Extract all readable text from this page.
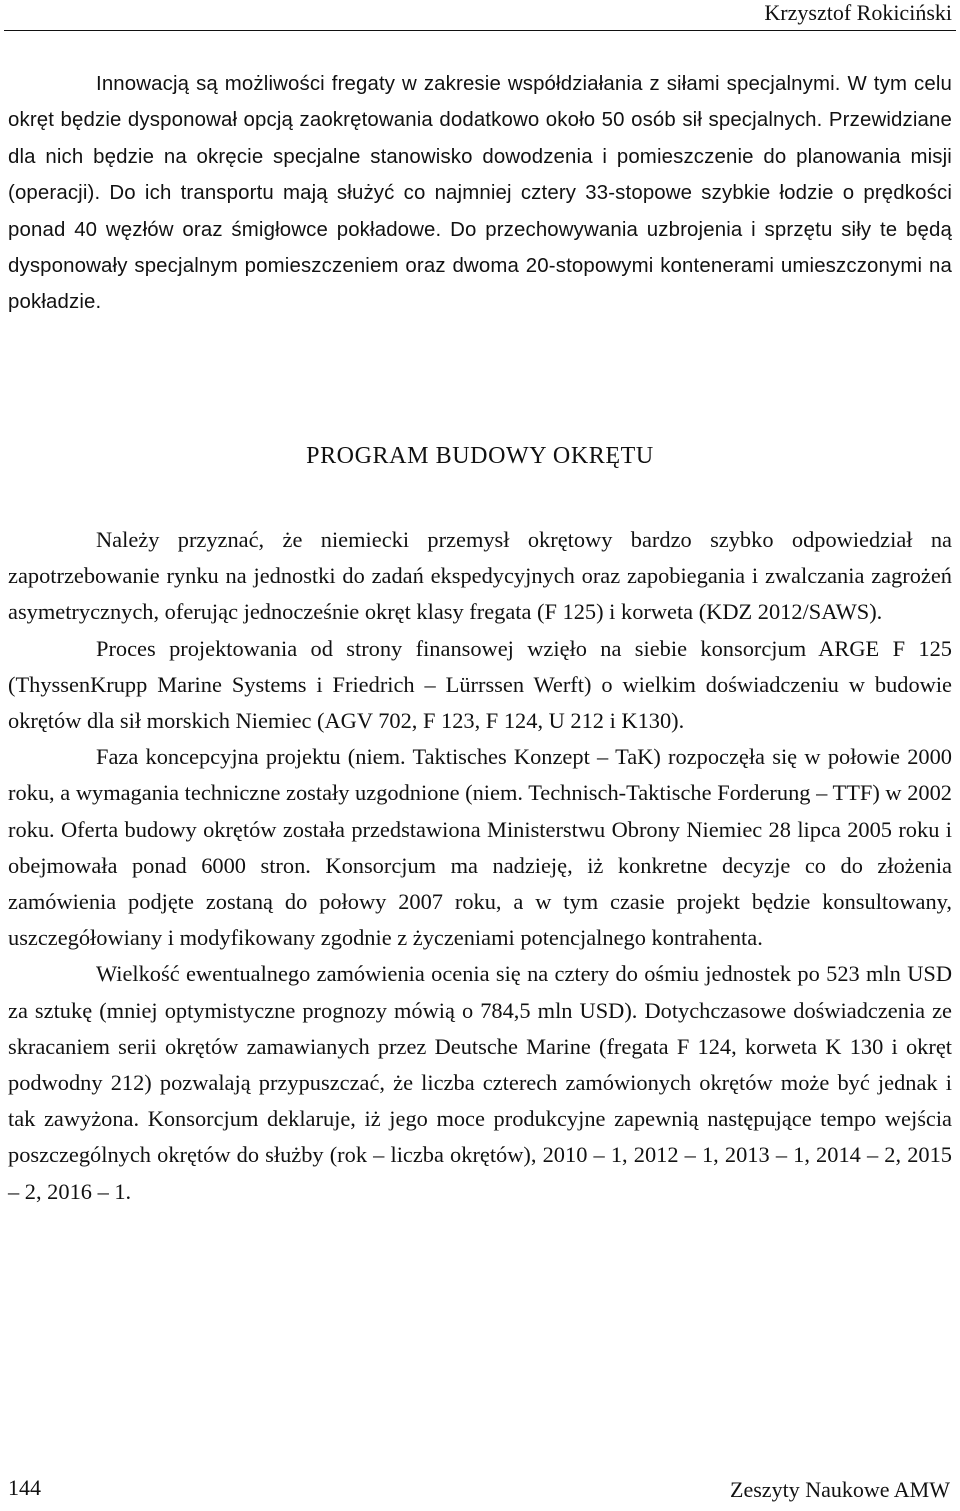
Krzysztof Rokiciński

Innowacją są możliwości fregaty w zakresie współdziałania z siłami specjalnymi. W tym celu okręt będzie dysponował opcją zaokrętowania dodatkowo około 50 osób sił specjalnych. Przewidziane dla nich będzie na okręcie specjalne stanowisko dowodzenia i pomieszczenie do planowania misji (operacji). Do ich transportu mają służyć co najmniej cztery 33-stopowe szybkie łodzie o prędkości ponad 40 węzłów oraz śmigłowce pokładowe. Do przechowywania uzbrojenia i sprzętu siły te będą dysponowały specjalnym pomieszczeniem oraz dwoma 20-stopowymi kontenerami umieszczonymi na pokładzie.

PROGRAM BUDOWY OKRĘTU

Należy przyznać, że niemiecki przemysł okrętowy bardzo szybko odpowiedział na zapotrzebowanie rynku na jednostki do zadań ekspedycyjnych oraz zapobiegania i zwalczania zagrożeń asymetrycznych, oferując jednocześnie okręt klasy fregata (F 125) i korweta (KDZ 2012/SAWS).

Proces projektowania od strony finansowej wzięło na siebie konsorcjum ARGE F 125 (ThyssenKrupp Marine Systems i Friedrich – Lürrssen Werft) o wielkim doświadczeniu w budowie okrętów dla sił morskich Niemiec (AGV 702, F 123, F 124, U 212 i K130).

Faza koncepcyjna projektu (niem. Taktisches Konzept – TaK) rozpoczęła się w połowie 2000 roku, a wymagania techniczne zostały uzgodnione (niem. Technisch-Taktische Forderung – TTF) w 2002 roku. Oferta budowy okrętów została przedstawiona Ministerstwu Obrony Niemiec 28 lipca 2005 roku i obejmowała ponad 6000 stron. Konsorcjum ma nadzieję, iż konkretne decyzje co do złożenia zamówienia podjęte zostaną do połowy 2007 roku, a w tym czasie projekt będzie konsultowany, uszczegółowiany i modyfikowany zgodnie z życzeniami potencjalnego kontrahenta.

Wielkość ewentualnego zamówienia ocenia się na cztery do ośmiu jednostek po 523 mln USD za sztukę (mniej optymistyczne prognozy mówią o 784,5 mln USD). Dotychczasowe doświadczenia ze skracaniem serii okrętów zamawianych przez Deutsche Marine (fregata F 124, korweta K 130 i okręt podwodny 212) pozwalają przypuszczać, że liczba czterech zamówionych okrętów może być jednak i tak zawyżona. Konsorcjum deklaruje, iż jego moce produkcyjne zapewnią następujące tempo wejścia poszczególnych okrętów do służby (rok – liczba okrętów), 2010 – 1, 2012 – 1, 2013 – 1, 2014 – 2, 2015 – 2, 2016 – 1.

144	Zeszyty Naukowe AMW
